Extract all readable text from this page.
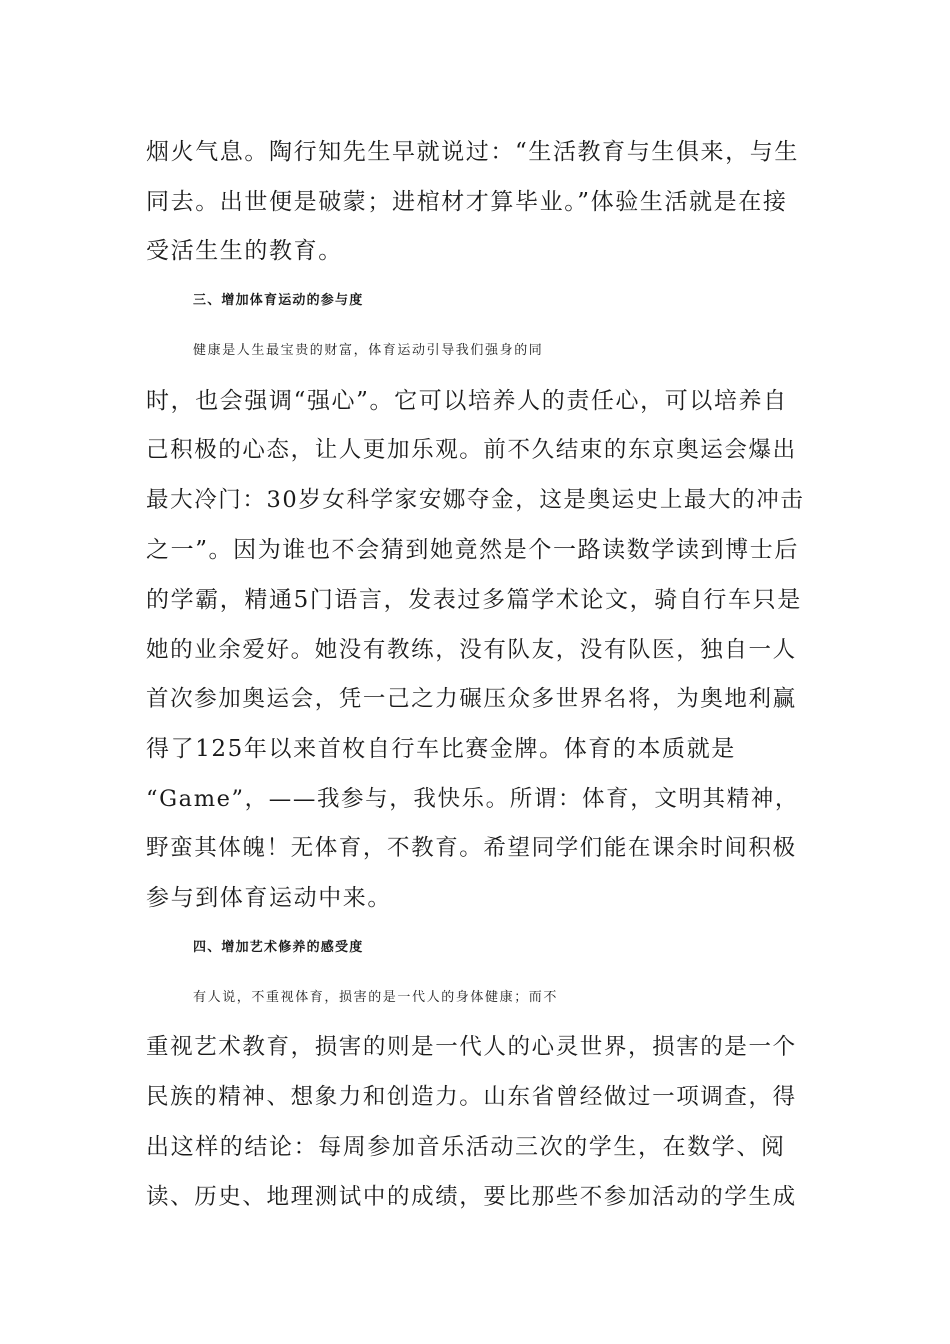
烟火气息。陶行知先生早就说过：“生活教育与生俱来，与生
同去。出世便是破蒙；进棺材才算毕业。”体验生活就是在接
受活生生的教育。
三、增加体育运动的参与度
健康是人生最宝贵的财富，体育运动引导我们强身的同
时，也会强调“强心”。它可以培养人的责任心，可以培养自
己积极的心态，让人更加乐观。前不久结束的东京奥运会爆出
最大冷门：30岁女科学家安娜夺金，这是奥运史上最大的冲击
之一”。因为谁也不会猜到她竟然是个一路读数学读到博士后
的学霸，精通5门语言，发表过多篇学术论文，骑自行车只是
她的业余爱好。她没有教练，没有队友，没有队医，独自一人
首次参加奥运会，凭一己之力碾压众多世界名将，为奥地利赢
得了125年以来首枚自行车比赛金牌。体育的本质就是
“Game”，——我参与，我快乐。所谓：体育，文明其精神，
野蛮其体魄！无体育，不教育。希望同学们能在课余时间积极
参与到体育运动中来。
四、增加艺术修养的感受度
有人说，不重视体育，损害的是一代人的身体健康；而不
重视艺术教育，损害的则是一代人的心灵世界，损害的是一个
民族的精神、想象力和创造力。山东省曾经做过一项调查，得
出这样的结论：每周参加音乐活动三次的学生，在数学、阅
读、历史、地理测试中的成绩，要比那些不参加活动的学生成
